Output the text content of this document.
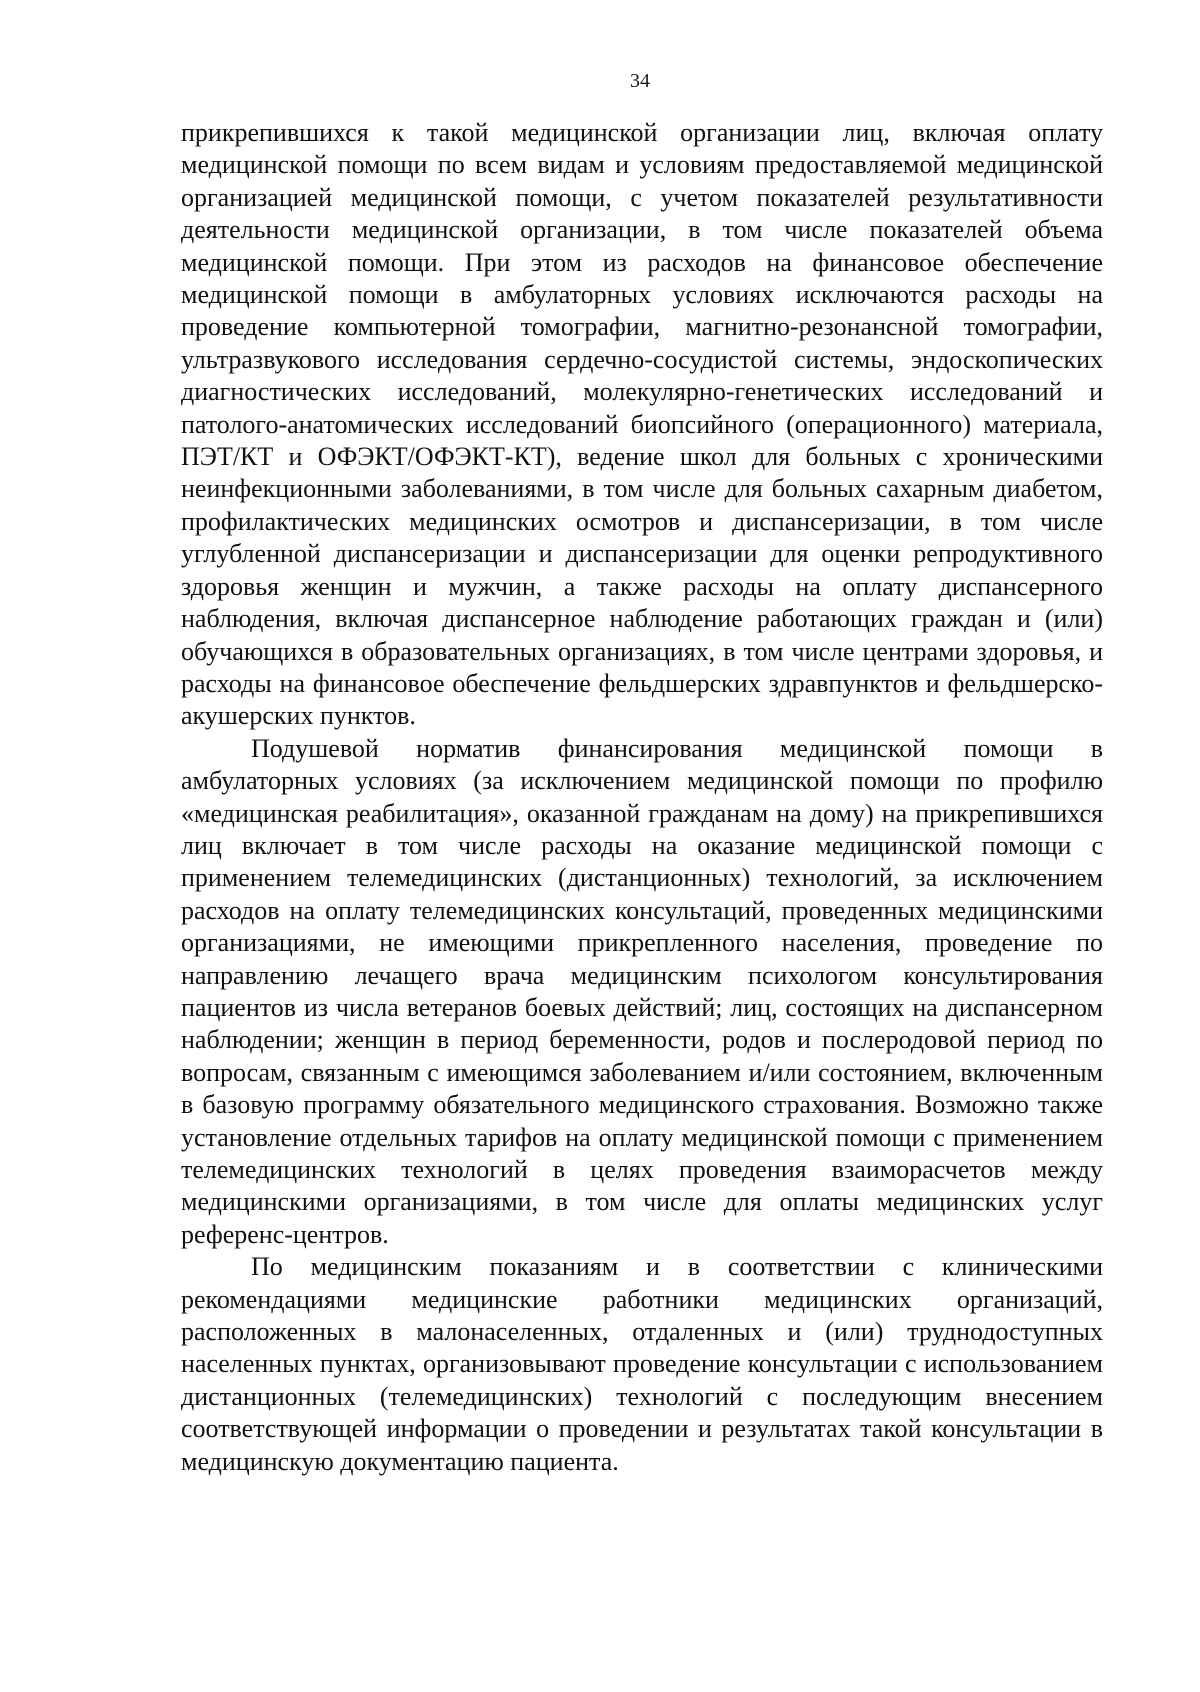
34

прикрепившихся к такой медицинской организации лиц, включая оплату медицинской помощи по всем видам и условиям предоставляемой медицинской организацией медицинской помощи, с учетом показателей результативности деятельности медицинской организации, в том числе показателей объема медицинской помощи. При этом из расходов на финансовое обеспечение медицинской помощи в амбулаторных условиях исключаются расходы на проведение компьютерной томографии, магнитно-резонансной томографии, ультразвукового исследования сердечно-сосудистой системы, эндоскопических диагностических исследований, молекулярно-генетических исследований и патолого-анатомических исследований биопсийного (операционного) материала, ПЭТ/КТ и ОФЭКТ/ОФЭКТ-КТ), ведение школ для больных с хроническими неинфекционными заболеваниями, в том числе для больных сахарным диабетом, профилактических медицинских осмотров и диспансеризации, в том числе углубленной диспансеризации и диспансеризации для оценки репродуктивного здоровья женщин и мужчин, а также расходы на оплату диспансерного наблюдения, включая диспансерное наблюдение работающих граждан и (или) обучающихся в образовательных организациях, в том числе центрами здоровья, и расходы на финансовое обеспечение фельдшерских здравпунктов и фельдшерско-акушерских пунктов.

Подушевой норматив финансирования медицинской помощи в амбулаторных условиях (за исключением медицинской помощи по профилю «медицинская реабилитация», оказанной гражданам на дому) на прикрепившихся лиц включает в том числе расходы на оказание медицинской помощи с применением телемедицинских (дистанционных) технологий, за исключением расходов на оплату телемедицинских консультаций, проведенных медицинскими организациями, не имеющими прикрепленного населения, проведение по направлению лечащего врача медицинским психологом консультирования пациентов из числа ветеранов боевых действий; лиц, состоящих на диспансерном наблюдении; женщин в период беременности, родов и послеродовой период по вопросам, связанным с имеющимся заболеванием и/или состоянием, включенным в базовую программу обязательного медицинского страхования. Возможно также установление отдельных тарифов на оплату медицинской помощи с применением телемедицинских технологий в целях проведения взаиморасчетов между медицинскими организациями, в том числе для оплаты медицинских услуг референс-центров.

По медицинским показаниям и в соответствии с клиническими рекомендациями медицинские работники медицинских организаций, расположенных в малонаселенных, отдаленных и (или) труднодоступных населенных пунктах, организовывают проведение консультации с использованием дистанционных (телемедицинских) технологий с последующим внесением соответствующей информации о проведении и результатах такой консультации в медицинскую документацию пациента.
